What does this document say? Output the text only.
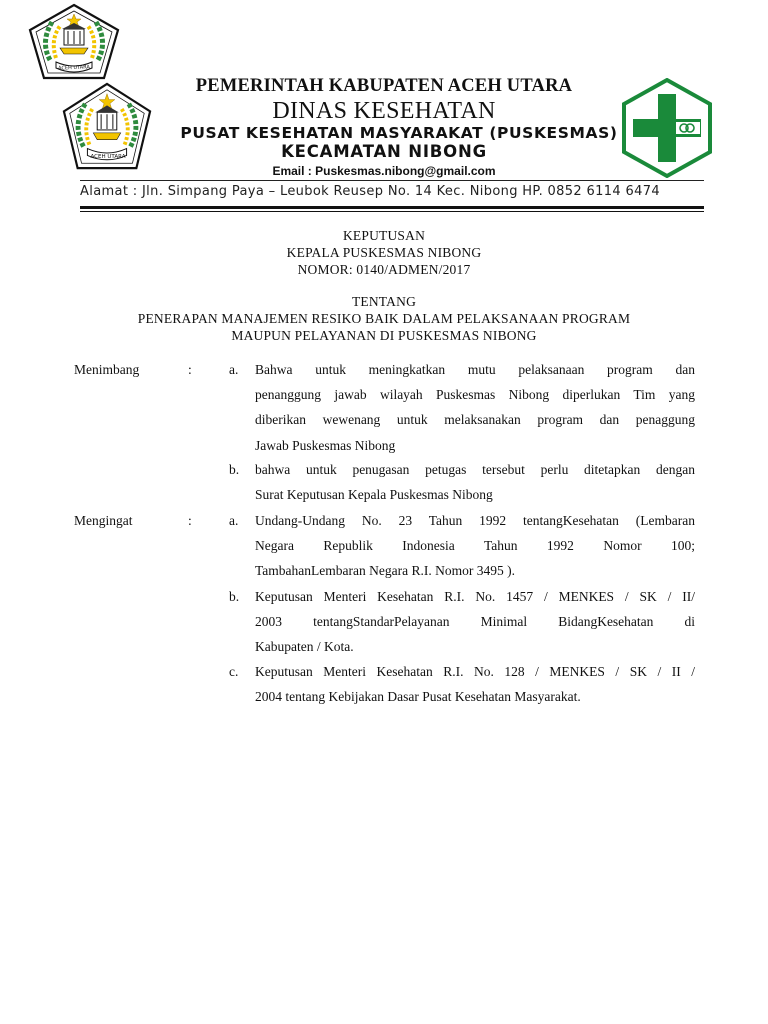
ACEH UTARA
ACEH UTARA
PEMERINTAH KABUPATEN ACEH UTARA
DINAS KESEHATAN
PUSAT KESEHATAN MASYARAKAT (PUSKESMAS)
KECAMATAN NIBONG
Email : Puskesmas.nibong@gmail.com
Alamat : Jln. Simpang Paya – Leubok Reusep No. 14 Kec. Nibong HP. 0852 6114 6474
KEPUTUSAN
KEPALA PUSKESMAS NIBONG
NOMOR: 0140/ADMEN/2017
TENTANG
PENERAPAN MANAJEMEN RESIKO BAIK DALAM PELAKSANAAN PROGRAM
MAUPUN PELAYANAN DI PUSKESMAS NIBONG
Menimbang	:	a. Bahwa untuk meningkatkan mutu pelaksanaan program dan
penanggung jawab wilayah Puskesmas Nibong diperlukan Tim yang
diberikan wewenang untuk melaksanakan program dan penaggung
Jawab Puskesmas Nibong
b. bahwa untuk penugasan petugas tersebut perlu ditetapkan dengan
Surat Keputusan Kepala Puskesmas Nibong
Mengingat	:	a. Undang-Undang No. 23 Tahun 1992 tentangKesehatan (Lembaran
Negara Republik Indonesia Tahun 1992 Nomor 100;
TambahanLembaran Negara R.I. Nomor 3495 ).
b. Keputusan Menteri Kesehatan R.I. No. 1457 / MENKES / SK / II/
2003 tentangStandarPelayanan Minimal BidangKesehatan di
Kabupaten / Kota.
c. Keputusan Menteri Kesehatan R.I. No. 128 / MENKES / SK / II /
2004 tentang Kebijakan Dasar Pusat Kesehatan Masyarakat.
